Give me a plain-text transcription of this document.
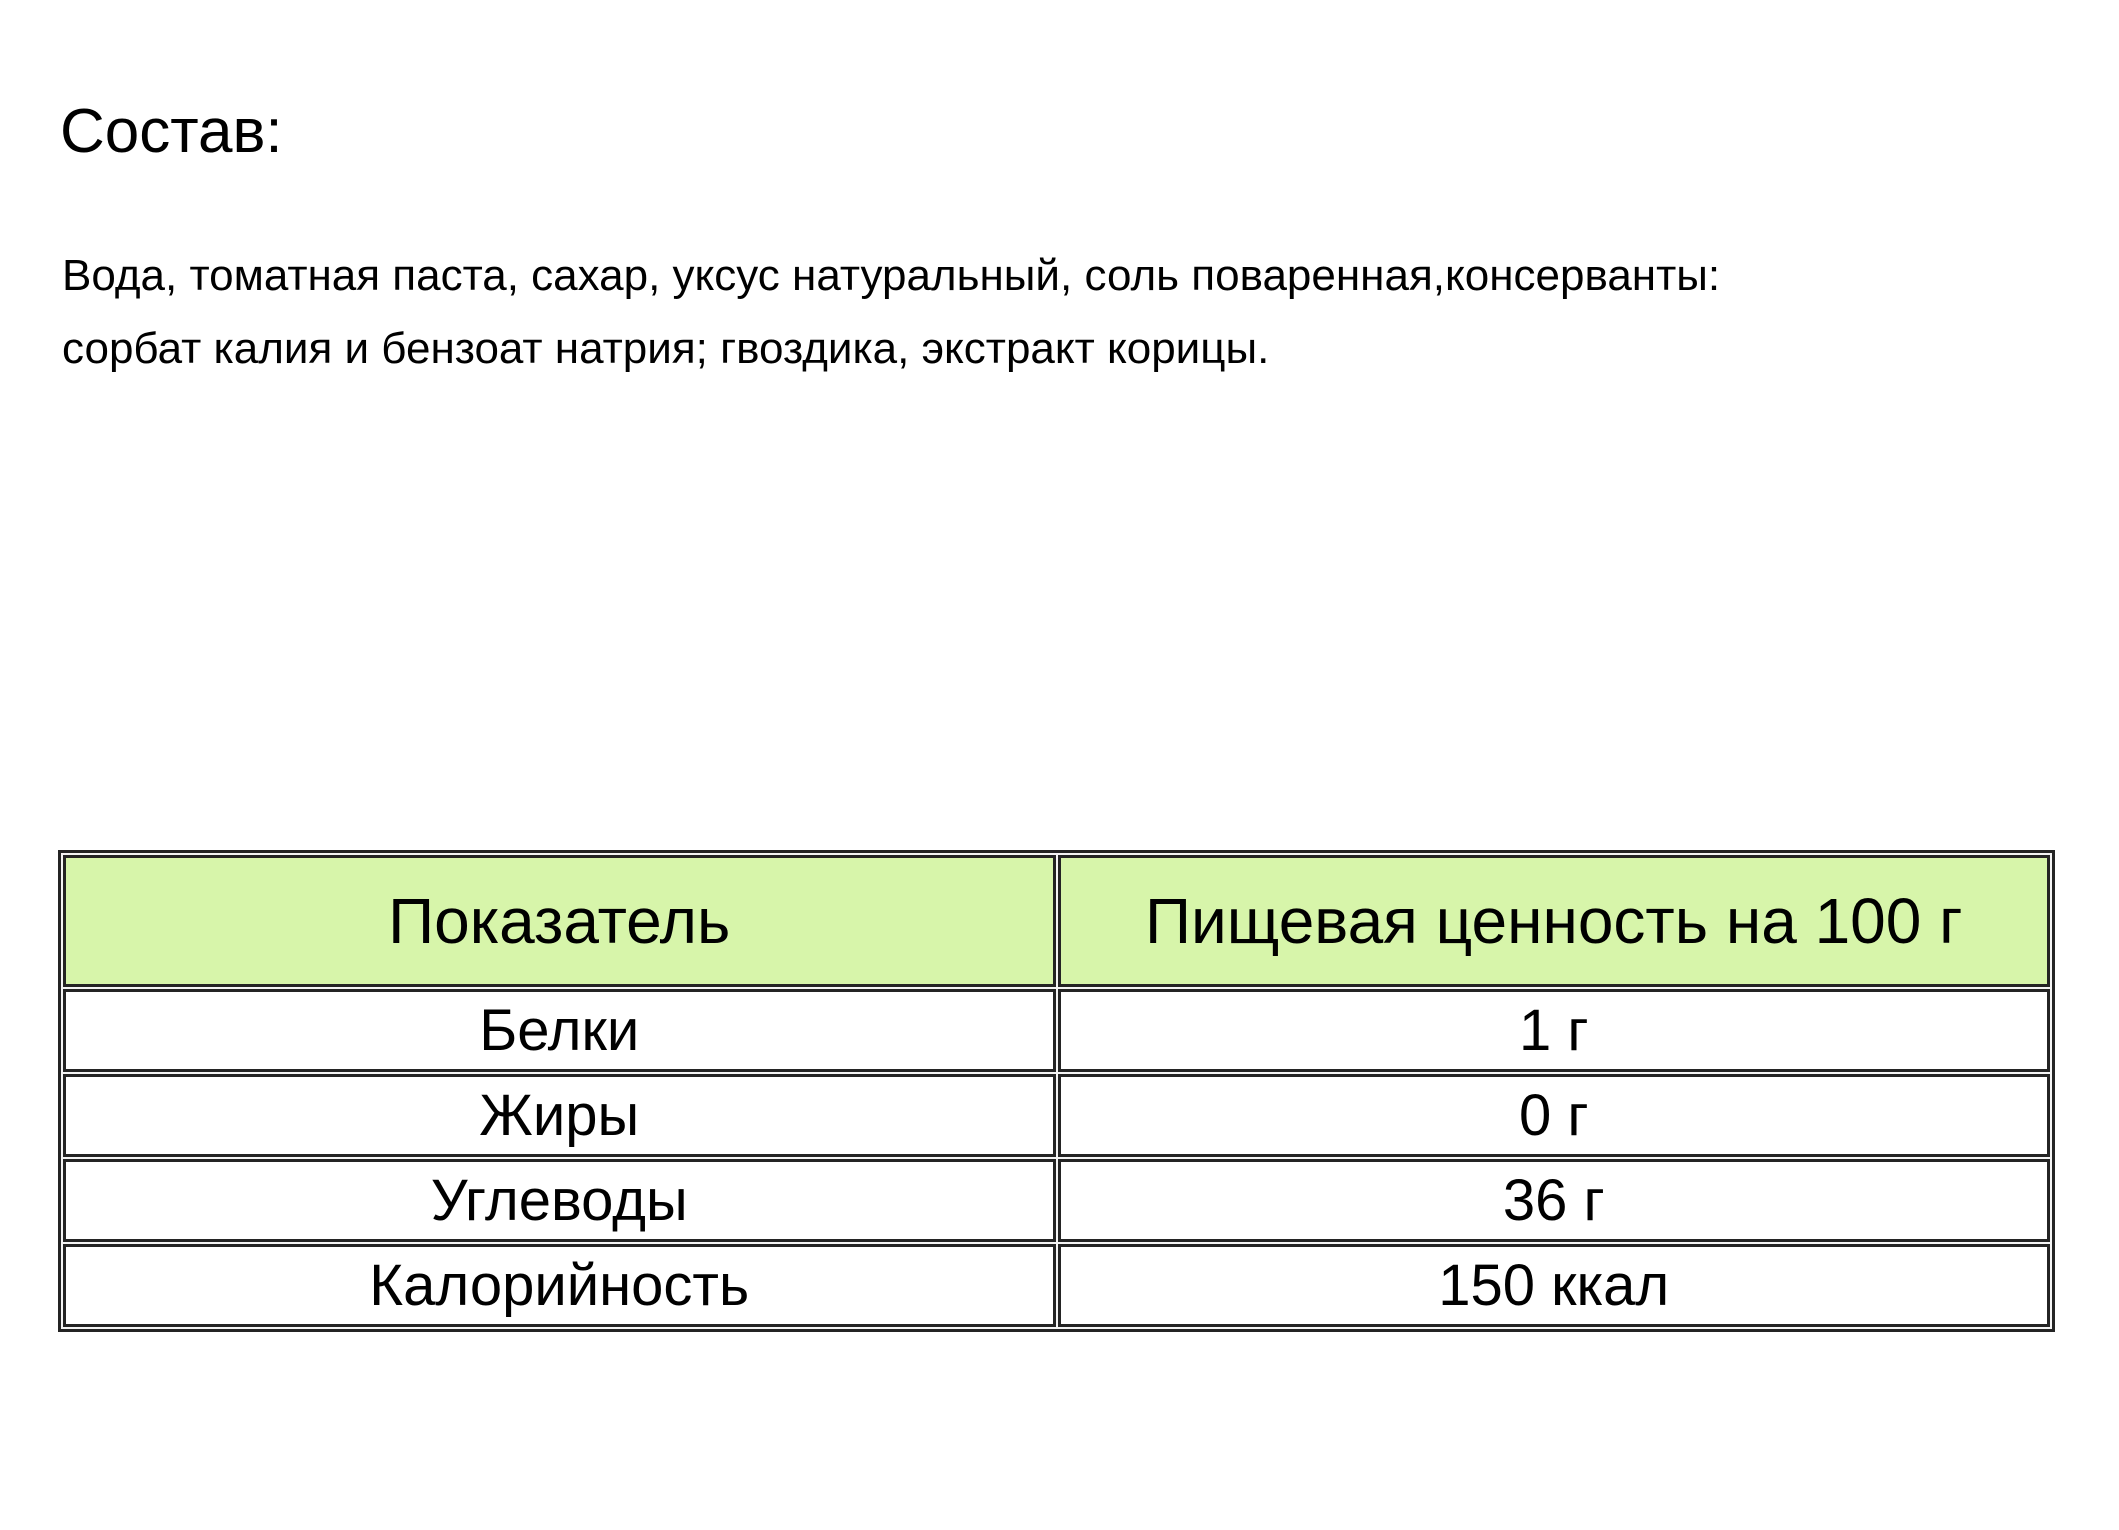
Состав:

Вода, томатная паста, сахар, уксус натуральный, соль поваренная,консерванты: сорбат калия и бензоат натрия; гвоздика, экстракт корицы.

Показатель	Пищевая ценность на 100 г
Белки	1 г
Жиры	0 г
Углеводы	36 г
Калорийность	150 ккал
